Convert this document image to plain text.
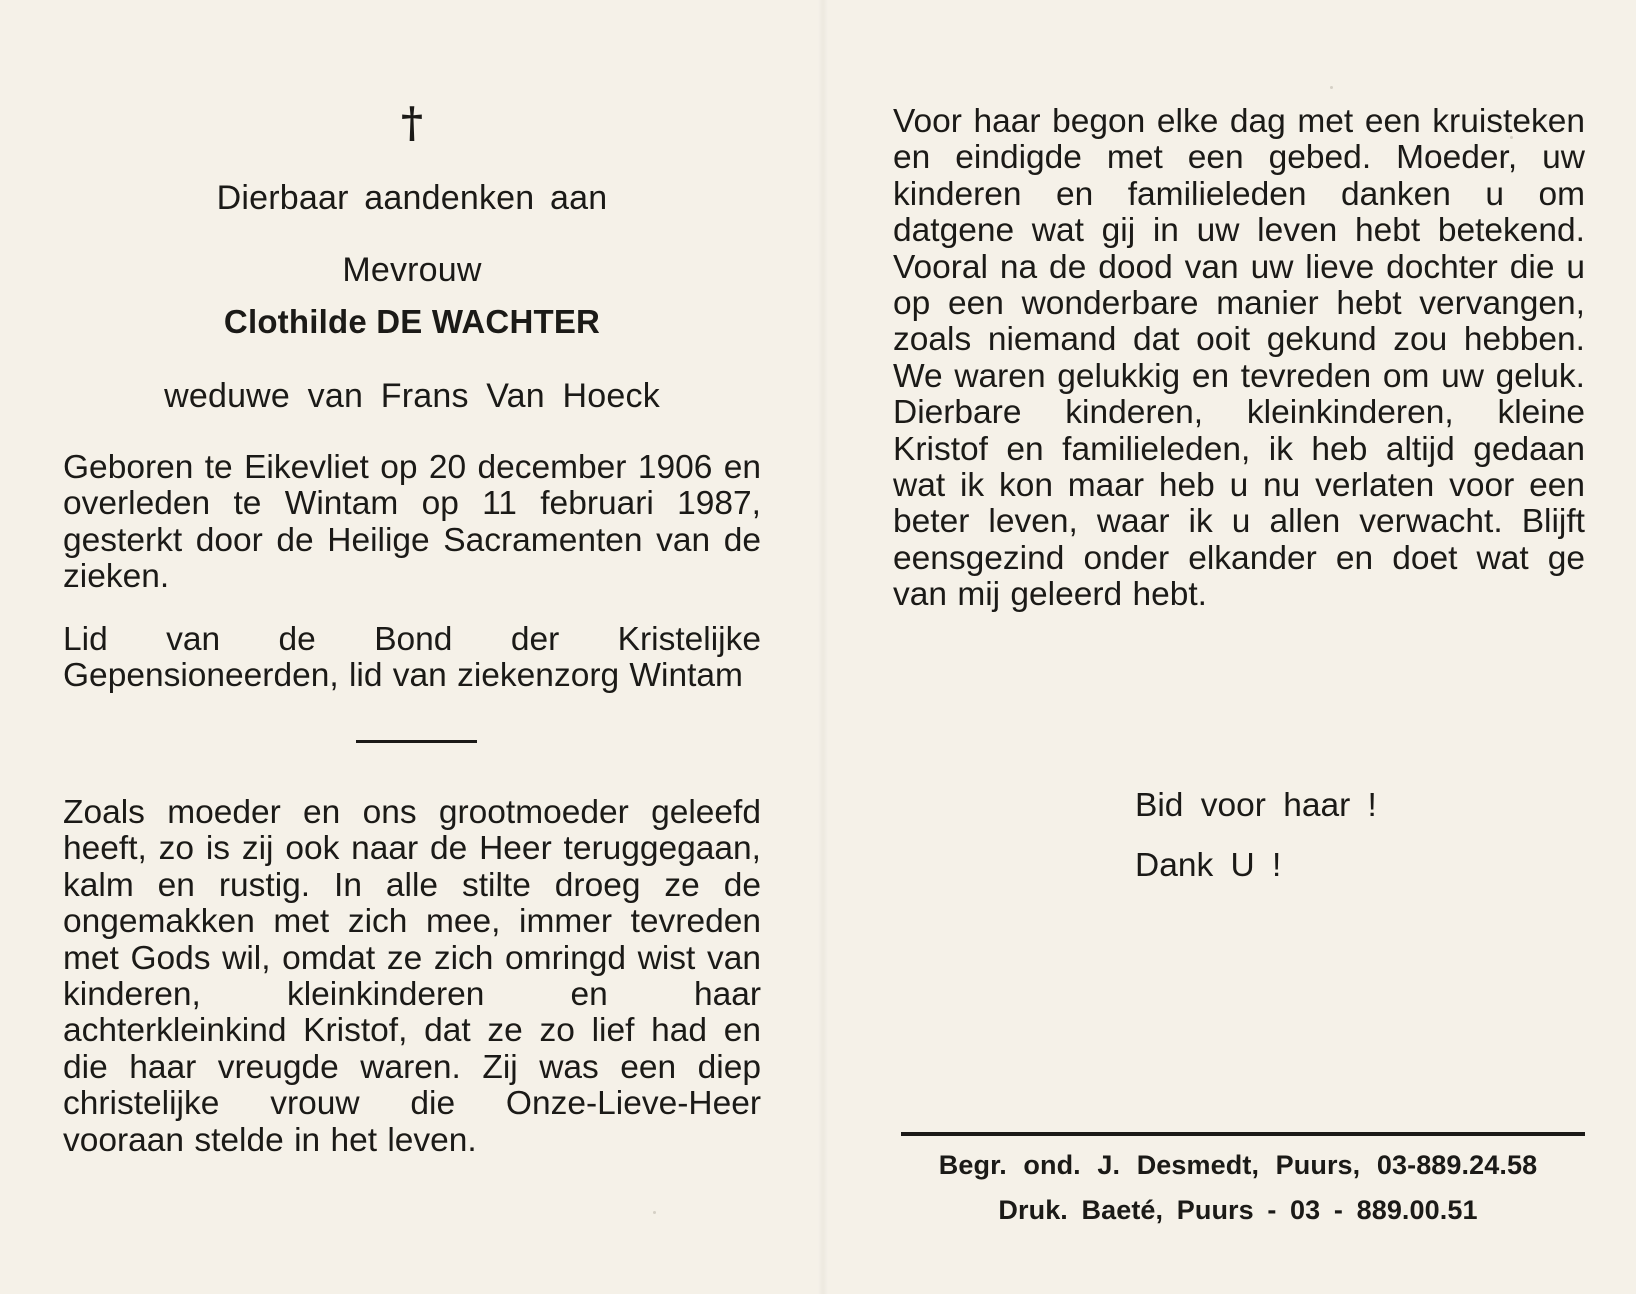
†
Dierbaar aandenken aan
Mevrouw
Clothilde DE WACHTER
weduwe van Frans Van Hoeck
Geboren te Eikevliet op 20 december 1906 en overleden te Wintam op 11 februari 1987, gesterkt door de Heilige Sacramenten van de zieken.
Lid van de Bond der Kristelijke Gepensioneerden, lid van ziekenzorg Wintam
Zoals moeder en ons grootmoeder geleefd heeft, zo is zij ook naar de Heer teruggegaan, kalm en rustig. In alle stilte droeg ze de ongemakken met zich mee, immer tevreden met Gods wil, omdat ze zich omringd wist van kinderen, kleinkinderen en haar achterkleinkind Kristof, dat ze zo lief had en die haar vreugde waren. Zij was een diep christelijke vrouw die Onze-Lieve-Heer vooraan stelde in het leven.
Voor haar begon elke dag met een kruisteken en eindigde met een gebed. Moeder, uw kinderen en familieleden danken u om datgene wat gij in uw leven hebt betekend. Vooral na de dood van uw lieve dochter die u op een wonderbare manier hebt vervangen, zoals niemand dat ooit gekund zou hebben. We waren gelukkig en tevreden om uw geluk. Dierbare kinderen, kleinkinderen, kleine Kristof en familieleden, ik heb altijd gedaan wat ik kon maar heb u nu verlaten voor een beter leven, waar ik u allen verwacht. Blijft eensgezind onder elkander en doet wat ge van mij geleerd hebt.
Bid voor haar !
Dank U !
Begr. ond. J. Desmedt, Puurs, 03-889.24.58
Druk. Baeté, Puurs - 03 - 889.00.51
